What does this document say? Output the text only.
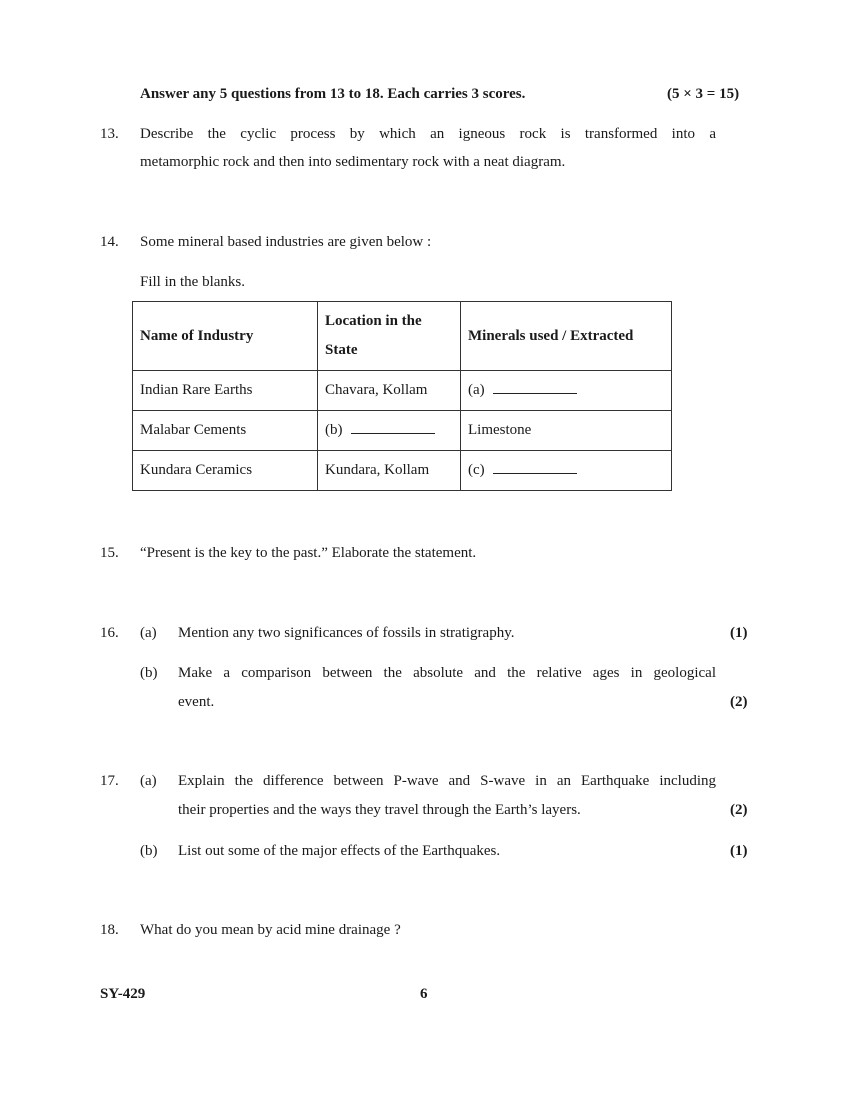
Answer any 5 questions from 13 to 18. Each carries 3 scores.	(5 × 3 = 15)
13. Describe the cyclic process by which an igneous rock is transformed into a
metamorphic rock and then into sedimentary rock with a neat diagram.
14. Some mineral based industries are given below :
Fill in the blanks.
Name of Industry	Location in the State	Minerals used / Extracted
Indian Rare Earths	Chavara, Kollam	(a)
Malabar Cements	(b)	Limestone
Kundara Ceramics	Kundara, Kollam	(c)
15. “Present is the key to the past.” Elaborate the statement.
16. (a) Mention any two significances of fossils in stratigraphy.	(1)
(b) Make a comparison between the absolute and the relative ages in geological
event.	(2)
17. (a) Explain the difference between P-wave and S-wave in an Earthquake including
their properties and the ways they travel through the Earth’s layers.	(2)
(b) List out some of the major effects of the Earthquakes.	(1)
18. What do you mean by acid mine drainage ?
SY-429	6
